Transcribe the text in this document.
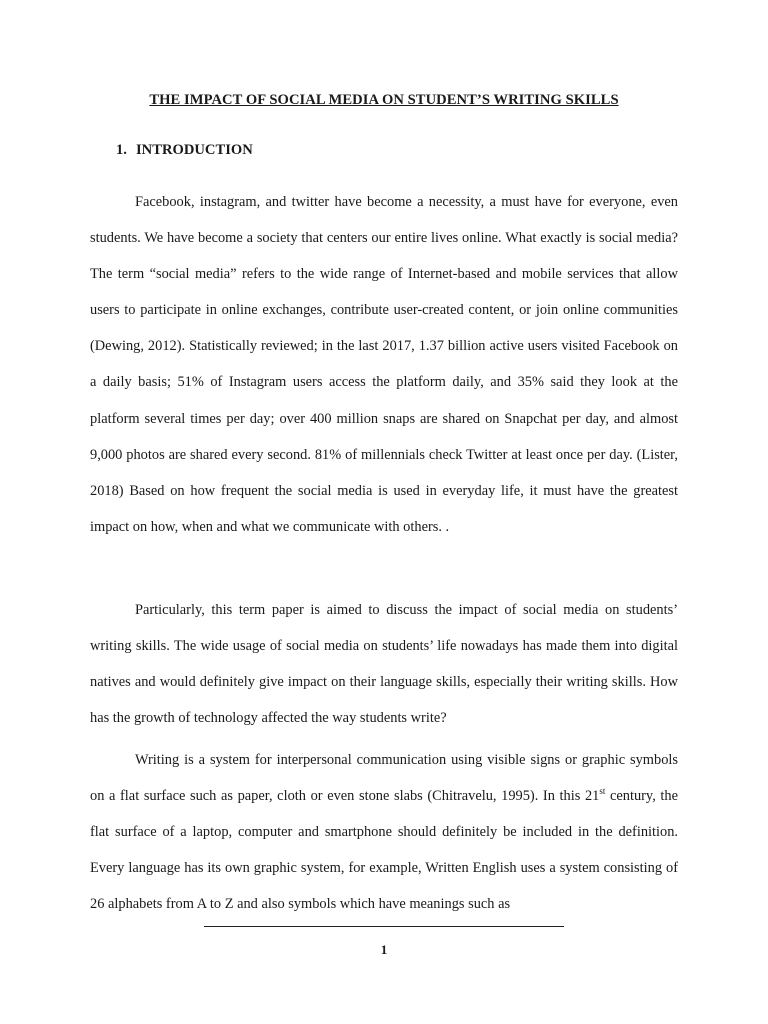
THE IMPACT OF SOCIAL MEDIA ON STUDENT’S WRITING SKILLS
1. INTRODUCTION

Facebook, instagram, and twitter have become a necessity, a must have for everyone, even students. We have become a society that centers our entire lives online. What exactly is social media? The term “social media” refers to the wide range of Internet-based and mobile services that allow users to participate in online exchanges, contribute user-created content, or join online communities (Dewing, 2012). Statistically reviewed; in the last 2017, 1.37 billion active users visited Facebook on a daily basis; 51% of Instagram users access the platform daily, and 35% said they look at the platform several times per day; over 400 million snaps are shared on Snapchat per day, and almost 9,000 photos are shared every second. 81% of millennials check Twitter at least once per day. (Lister, 2018) Based on how frequent the social media is used in everyday life, it must have the greatest impact on how, when and what we communicate with others. .

Particularly, this term paper is aimed to discuss the impact of social media on students’ writing skills. The wide usage of social media on students’ life nowadays has made them into digital natives and would definitely give impact on their language skills, especially their writing skills. How has the growth of technology affected the way students write?

Writing is a system for interpersonal communication using visible signs or graphic symbols on a flat surface such as paper, cloth or even stone slabs (Chitravelu, 1995). In this 21st century, the flat surface of a laptop, computer and smartphone should definitely be included in the definition. Every language has its own graphic system, for example, Written English uses a system consisting of 26 alphabets from A to Z and also symbols which have meanings such as

1
